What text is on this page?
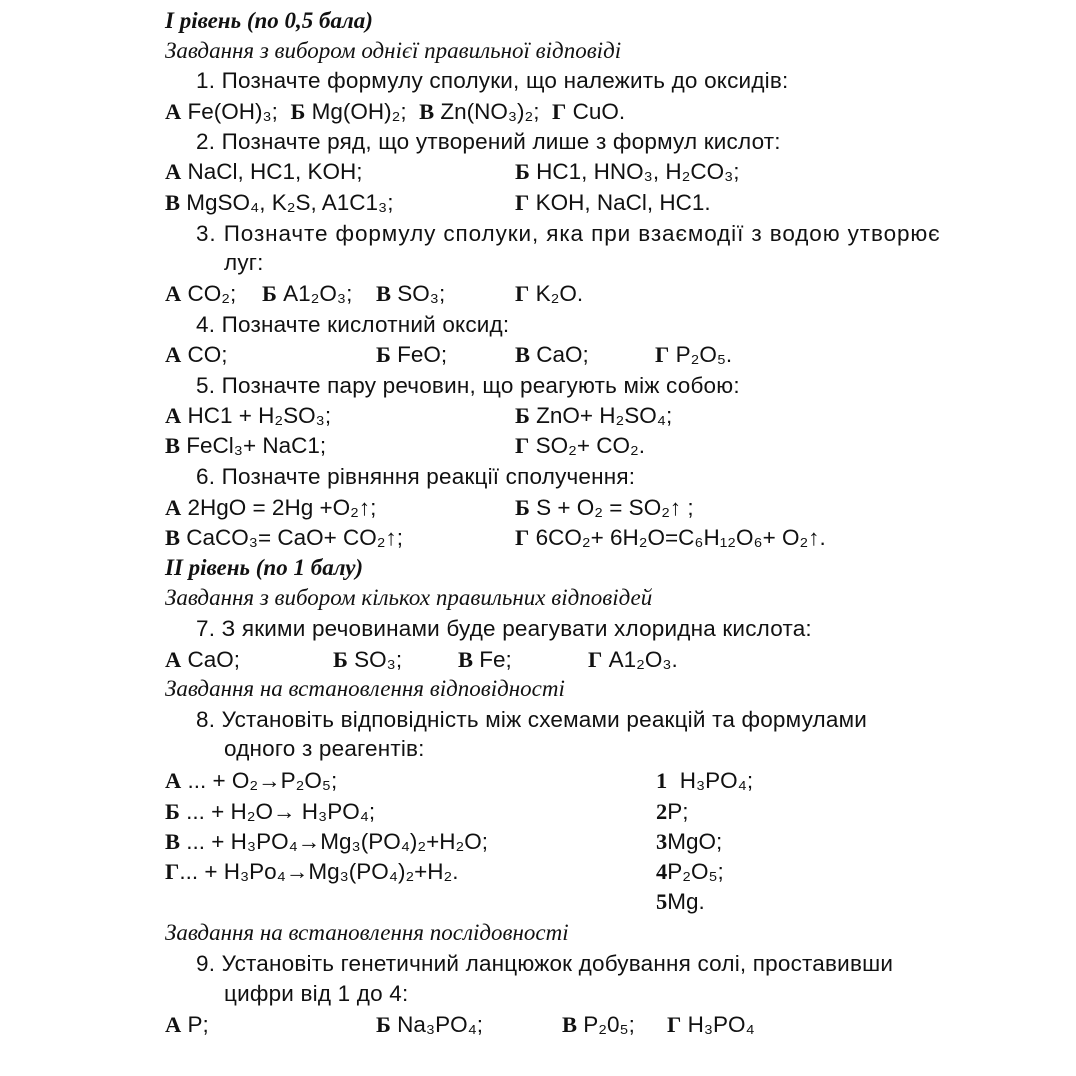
I рівень (по 0,5 бала)
Завдання з вибором однієї правильної відповіді
1. Позначте формулу сполуки, що належить до оксидів:
А Fe(OH)₃; Б Mg(OH)₂; В Zn(NO₃)₂; Г CuO.
2. Позначте ряд, що утворений лише з формул кислот:
А NaCl, HC1, KOH;	Б HC1, HNO₃, H₂CO₃;
В MgSO₄, K₂S, A1C1₃;	Г KOH, NaCl, HC1.
3. Позначте формулу сполуки, яка при взаємодії з водою утворює
луг:
А CO₂; Б A1₂O₃; В SO₃;	Г K₂O.
4. Позначте кислотний оксид:
А CO;	Б FeO;	В CaO;	Г P₂O₅.
5. Позначте пару речовин, що реагують між собою:
А HC1 + H₂SO₃;	Б ZnO+ H₂SO₄;
В FeCl₃+ NaC1;	Г SO₂+ CO₂.
6. Позначте рівняння реакції сполучення:
А 2HgO = 2Hg +O₂↑;	Б S + O₂ = SO₂↑ ;
В CaCO₃= CaO+ CO₂↑;	Г 6CO₂+ 6H₂O=C₆H₁₂O₆+ O₂↑.
II рівень (по 1 балу)
Завдання з вибором кількох правильних відповідей
7. З якими речовинами буде реагувати хлоридна кислота:
А CaO;	Б SO₃; В Fe;	Г A1₂O₃.
Завдання на встановлення відповідності
8. Установіть відповідність між схемами реакцій та формулами
одного з реагентів:
А ... + O₂→P₂O₅;
Б ... + H₂O→ H₃PO₄;
В ... + H₃PO₄→Mg₃(PO₄)₂+H₂O;
Г... + H₃Po₄→Mg₃(PO₄)₂+H₂.
1 H₃PO₄;
2P;
3MgO;
4P₂O₅;
5Mg.
Завдання на встановлення послідовності
9. Установіть генетичний ланцюжок добування солі, проставивши
цифри від 1 до 4:
А P;	Б Na₃PO₄;	В P₂0₅; Г H₃PO₄
